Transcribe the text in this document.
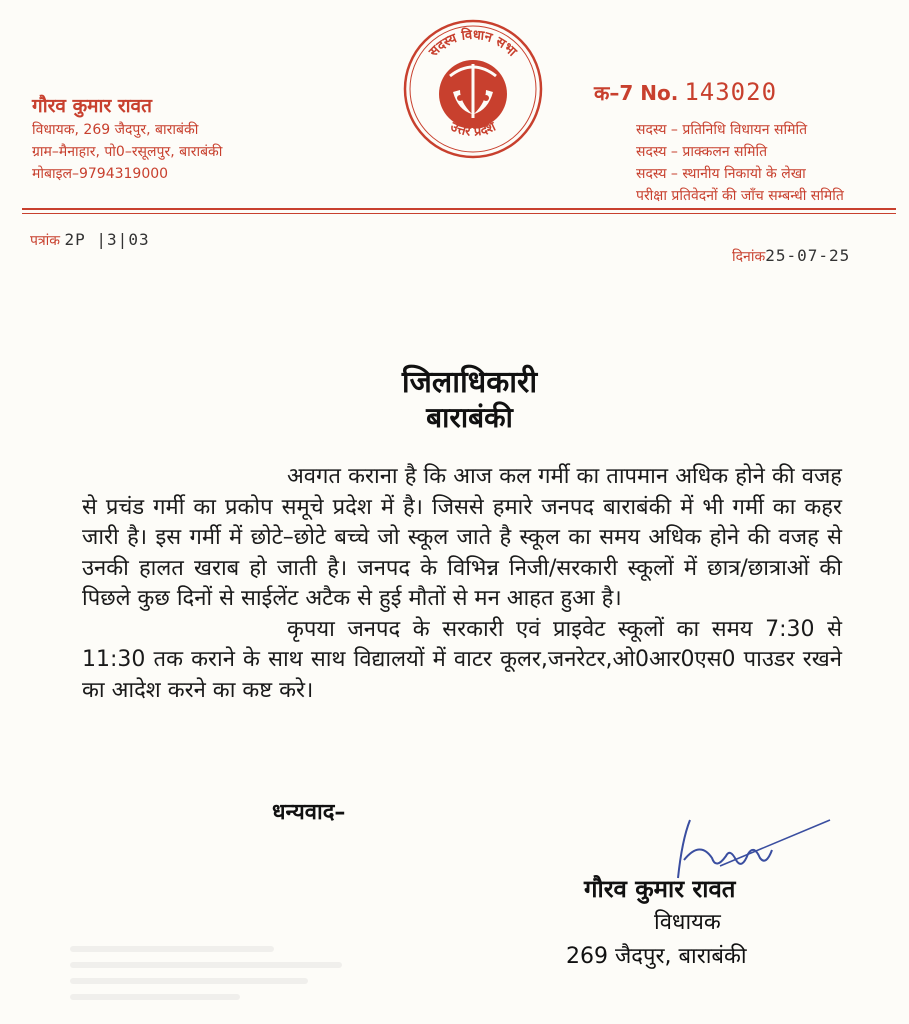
गौरव कुमार रावत
विधायक, 269 जैदपुर, बाराबंकी
ग्राम–मैनाहार, पो0–रसूलपुर, बाराबंकी
मोबाइल–9794319000
सदस्य विधान सभा
उत्तर प्रदेश
क–7 No. 143020
सदस्य – प्रतिनिधि विधायन समिति
सदस्य – प्राक्कलन समिति
सदस्य – स्थानीय निकायो के लेखा
परीक्षा प्रतिवेदनों की जाँच सम्बन्धी समिति
पत्रांक 2P |3|03
दिनांक25-07-25
जिलाधिकारी
बाराबंकी

अवगत कराना है कि आज कल गर्मी का तापमान अधिक होने की वजह से प्रचंड गर्मी का प्रकोप समूचे प्रदेश में है। जिससे हमारे जनपद बाराबंकी में भी गर्मी का कहर जारी है। इस गर्मी में छोटे–छोटे बच्चे जो स्कूल जाते है स्कूल का समय अधिक होने की वजह से उनकी हालत खराब हो जाती है। जनपद के विभिन्न निजी/सरकारी स्कूलों में छात्र/छात्राओं की पिछले कुछ दिनों से साईलेंट अटैक से हुई मौतों से मन आहत हुआ है।

कृपया जनपद के सरकारी एवं प्राइवेट स्कूलों का समय 7:30 से 11:30 तक कराने के साथ साथ विद्यालयों में वाटर कूलर,जनरेटर,ओ0आर0एस0 पाउडर रखने का आदेश करने का कष्ट करे।

धन्यवाद–
गौरव कुमार रावत
विधायक
269 जैदपुर, बाराबंकी
